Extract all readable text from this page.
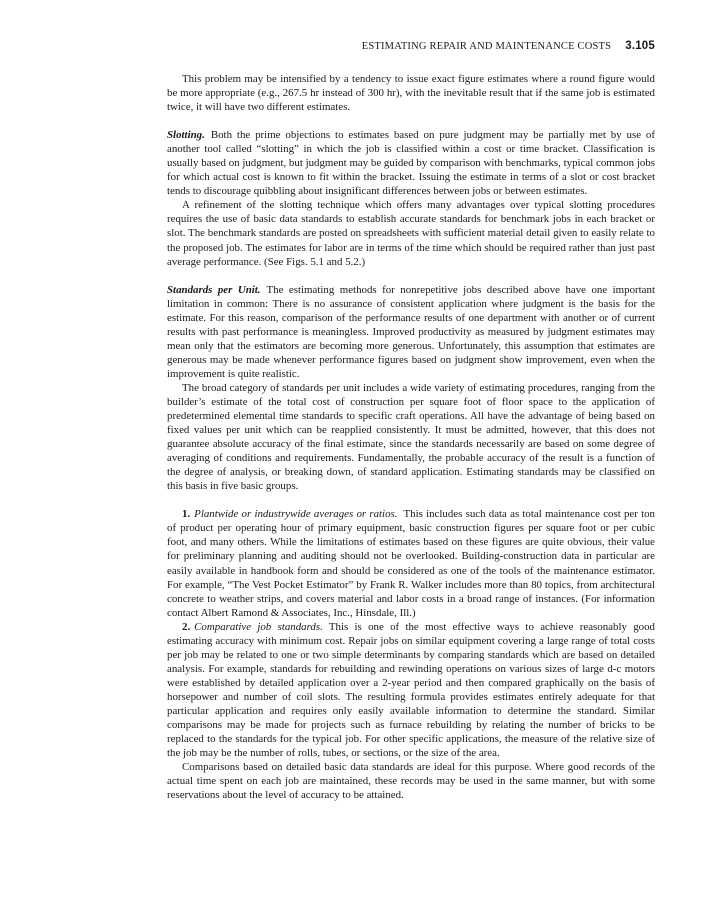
ESTIMATING REPAIR AND MAINTENANCE COSTS 3.105

This problem may be intensified by a tendency to issue exact figure estimates where a round figure would be more appropriate (e.g., 267.5 hr instead of 300 hr), with the inevitable result that if the same job is estimated twice, it will have two different estimates.

Slotting. Both the prime objections to estimates based on pure judgment may be partially met by use of another tool called “slotting” in which the job is classified within a cost or time bracket. Classification is usually based on judgment, but judgment may be guided by comparison with benchmarks, typical common jobs for which actual cost is known to fit within the bracket. Issuing the estimate in terms of a slot or cost bracket tends to discourage quibbling about insignificant differences between jobs or between estimates.

A refinement of the slotting technique which offers many advantages over typical slotting procedures requires the use of basic data standards to establish accurate standards for benchmark jobs in each bracket or slot. The benchmark standards are posted on spreadsheets with sufficient material detail given to easily relate to the proposed job. The estimates for labor are in terms of the time which should be required rather than just past average performance. (See Figs. 5.1 and 5.2.)

Standards per Unit. The estimating methods for nonrepetitive jobs described above have one important limitation in common: There is no assurance of consistent application where judgment is the basis for the estimate. For this reason, comparison of the performance results of one department with another or of current results with past performance is meaningless. Improved productivity as measured by judgment estimates may mean only that the estimators are becoming more generous. Unfortunately, this assumption that estimates are generous may be made whenever performance figures based on judgment show improvement, even when the improvement is quite realistic.

The broad category of standards per unit includes a wide variety of estimating procedures, ranging from the builder’s estimate of the total cost of construction per square foot of floor space to the application of predetermined elemental time standards to specific craft operations. All have the advantage of being based on fixed values per unit which can be reapplied consistently. It must be admitted, however, that this does not guarantee absolute accuracy of the final estimate, since the standards necessarily are based on some degree of averaging of conditions and requirements. Fundamentally, the probable accuracy of the result is a function of the degree of analysis, or breaking down, of standard application. Estimating standards may be classified on this basis in five basic groups.

1. Plantwide or industrywide averages or ratios. This includes such data as total maintenance cost per ton of product per operating hour of primary equipment, basic construction figures per square foot or per cubic foot, and many others. While the limitations of estimates based on these figures are quite obvious, their value for preliminary planning and auditing should not be overlooked. Building-construction data in particular are easily available in handbook form and should be considered as one of the tools of the maintenance estimator. For example, “The Vest Pocket Estimator” by Frank R. Walker includes more than 80 topics, from architectural concrete to weather strips, and covers material and labor costs in a broad range of instances. (For information contact Albert Ramond & Associates, Inc., Hinsdale, Ill.)

2. Comparative job standards. This is one of the most effective ways to achieve reasonably good estimating accuracy with minimum cost. Repair jobs on similar equipment covering a large range of total costs per job may be related to one or two simple determinants by comparing standards which are based on detailed analysis. For example, standards for rebuilding and rewinding operations on various sizes of large d-c motors were established by detailed application over a 2-year period and then compared graphically on the basis of horsepower and number of coil slots. The resulting formula provides estimates entirely adequate for that particular application and requires only easily available information to determine the standard. Similar comparisons may be made for projects such as furnace rebuilding by relating the number of bricks to be replaced to the standards for the typical job. For other specific applications, the measure of the relative size of the job may be the number of rolls, tubes, or sections, or the size of the area.

Comparisons based on detailed basic data standards are ideal for this purpose. Where good records of the actual time spent on each job are maintained, these records may be used in the same manner, but with some reservations about the level of accuracy to be attained.
